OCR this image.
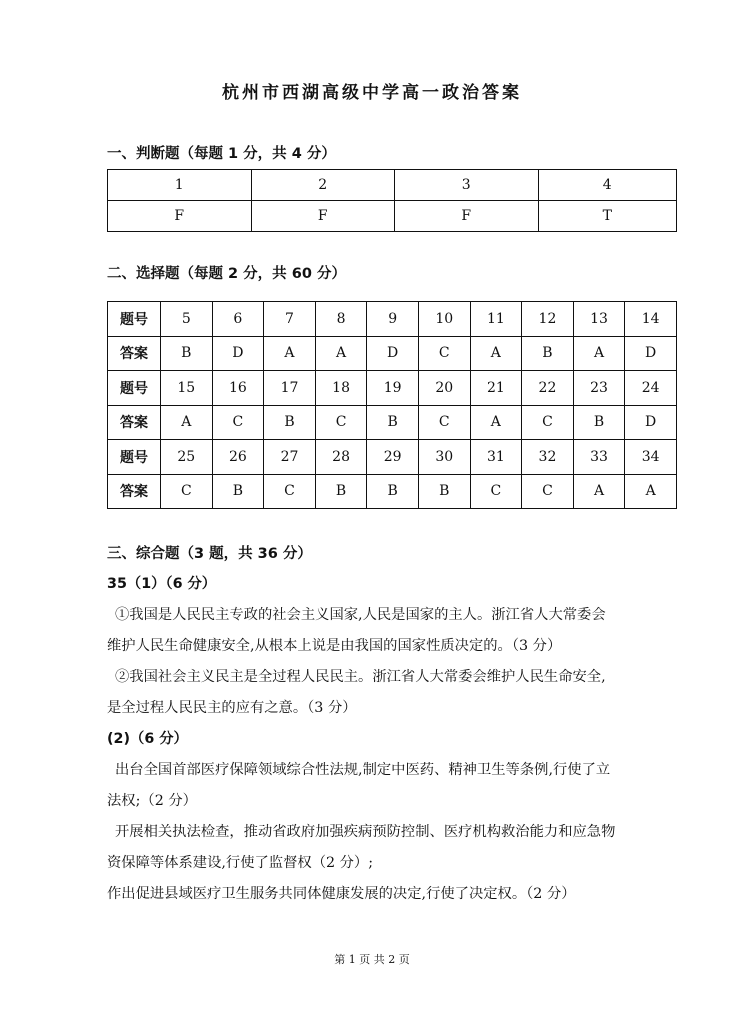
杭州市西湖高级中学高一政治答案
一、判断题（每题 1 分，共 4 分）
1	2	3	4
F	F	F	T
二、选择题（每题 2 分，共 60 分）
题号	5	6	7	8	9	10	11	12	13	14
答案	B	D	A	A	D	C	A	B	A	D
题号	15	16	17	18	19	20	21	22	23	24
答案	A	C	B	C	B	C	A	C	B	D
题号	25	26	27	28	29	30	31	32	33	34
答案	C	B	C	B	B	B	C	C	A	A
三、综合题（3 题，共 36 分）
35（1）（6 分）
①我国是人民民主专政的社会主义国家,人民是国家的主人。浙江省人大常委会
维护人民生命健康安全,从根本上说是由我国的国家性质决定的。（3 分）
②我国社会主义民主是全过程人民民主。浙江省人大常委会维护人民生命安全,
是全过程人民民主的应有之意。（3 分）
(2)（6 分）
出台全国首部医疗保障领域综合性法规,制定中医药、精神卫生等条例,行使了立
法权;（2 分）
开展相关执法检查，推动省政府加强疾病预防控制、医疗机构救治能力和应急物
资保障等体系建设,行使了监督权（2 分）;
作出促进县域医疗卫生服务共同体健康发展的决定,行使了决定权。（2 分）
第 1 页 共 2 页
